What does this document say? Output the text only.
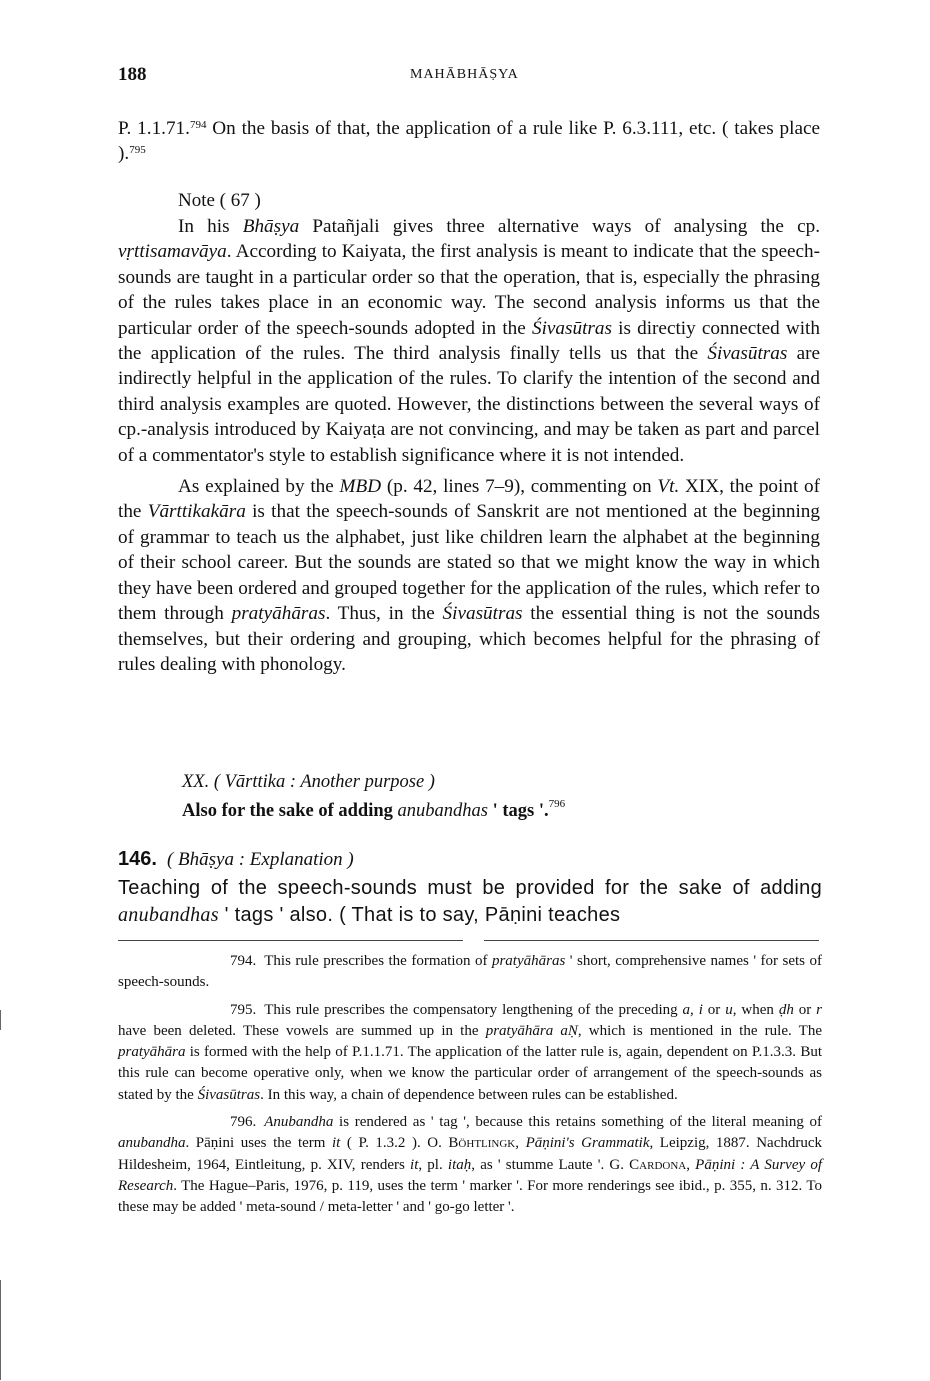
188	MAHĀBHĀṢYA

P. 1.1.71.$^{794}$ On the basis of that, the application of a rule like P. 6.3.111, etc. ( takes place ).$^{795}$

Note ( 67 )

In his Bhāṣya Patañjali gives three alternative ways of analysing the cp. vṛttisamavāya. According to Kaiyata, the first analysis is meant to indicate that the speech-sounds are taught in a particular order so that the operation, that is, especially the phrasing of the rules takes place in an economic way. The second analysis informs us that the particular order of the speech-sounds adopted in the Śivasūtras is directiy connected with the application of the rules. The third analysis finally tells us that the Śivasūtras are indirectly helpful in the application of the rules. To clarify the intention of the second and third analysis examples are quoted. However, the distinctions between the several ways of cp.-analysis introduced by Kaiyaṭa are not convincing, and may be taken as part and parcel of a commentator's style to establish significance where it is not intended.

As explained by the MBD (p. 42, lines 7–9), commenting on Vt. XIX, the point of the Vārttikakāra is that the speech-sounds of Sanskrit are not mentioned at the beginning of grammar to teach us the alphabet, just like children learn the alphabet at the beginning of their school career. But the sounds are stated so that we might know the way in which they have been ordered and grouped together for the application of the rules, which refer to them through pratyāhāras. Thus, in the Śivasūtras the essential thing is not the sounds themselves, but their ordering and grouping, which becomes helpful for the phrasing of rules dealing with phonology.

XX. ( Vārttika : Another purpose )
Also for the sake of adding anubandhas ' tags '.$^{796}$
146. ( Bhāṣya : Explanation )
Teaching of the speech-sounds must be provided for the sake of adding anubandhas ' tags ' also. ( That is to say, Pāṇini teaches

794. This rule prescribes the formation of pratyāhāras ' short, comprehensive names ' for sets of speech-sounds.

795. This rule prescribes the compensatory lengthening of the preceding a, i or u, when ḍh or r have been deleted. These vowels are summed up in the pratyāhāra aṆ, which is mentioned in the rule. The pratyāhāra is formed with the help of P.1.1.71. The application of the latter rule is, again, dependent on P.1.3.3. But this rule can become operative only, when we know the particular order of arrangement of the speech-sounds as stated by the Śivasūtras. In this way, a chain of dependence between rules can be established.

796. Anubandha is rendered as ' tag ', because this retains something of the literal meaning of anubandha. Pāṇini uses the term it ( P. 1.3.2 ). O. Böhtlingk, Pāṇini's Grammatik, Leipzig, 1887. Nachdruck Hildesheim, 1964, Eintleitung, p. XIV, renders it, pl. itaḥ, as ' stumme Laute '. G. Cardona, Pāṇini : A Survey of Research. The Hague–Paris, 1976, p. 119, uses the term ' marker '. For more renderings see ibid., p. 355, n. 312. To these may be added ' meta-sound / meta-letter ' and ' go-go letter '.
